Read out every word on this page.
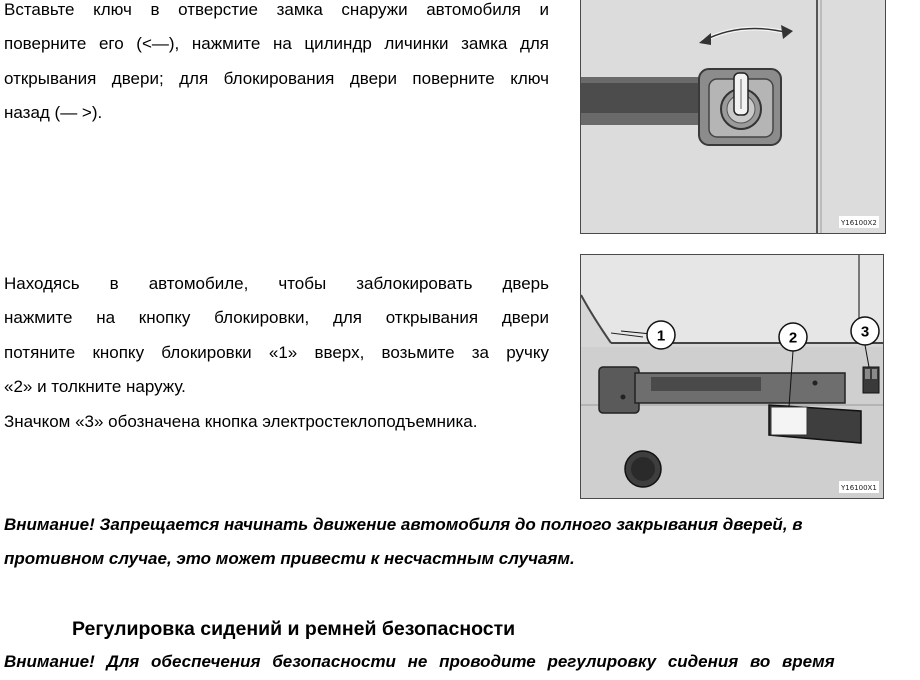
Вставьте ключ в отверстие замка снаружи автомобиля и
поверните его (<—), нажмите на цилиндр личинки замка для
открывания двери; для блокирования двери поверните ключ
назад (— >).
Y16100X2
Находясь в автомобиле, чтобы заблокировать дверь
нажмите на кнопку блокировки, для открывания двери
потяните кнопку блокировки «1» вверх, возьмите за ручку
«2» и толкните наружу.
Значком «3» обозначена кнопка электростеклоподъемника.
1	2	3
Y16100X1

Внимание! Запрещается начинать движение автомобиля до полного закрывания дверей, в

противном случае, это может привести к несчастным случаям.

Регулировка сидений и ремней безопасности

Внимание! Для обеспечения безопасности не проводите регулировку сидения во время
